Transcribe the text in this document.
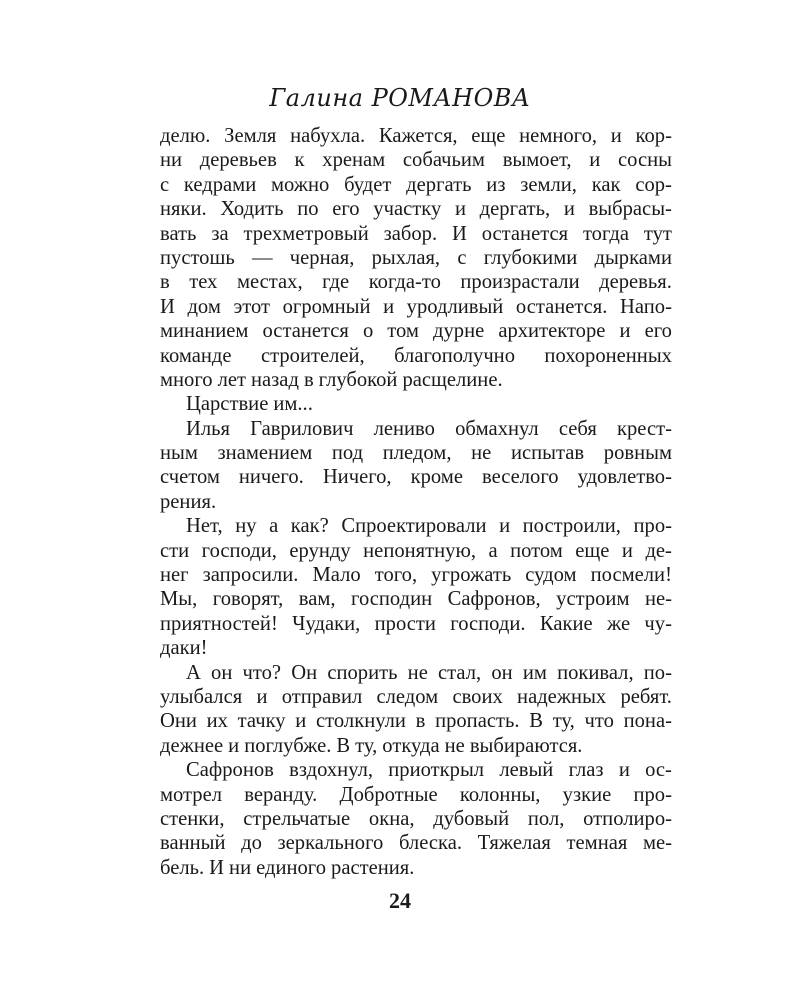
Галина РОМАНОВА
делю. Земля набухла. Кажется, еще немного, и кор-
ни деревьев к хренам собачьим вымоет, и сосны
с кедрами можно будет дергать из земли, как сор-
няки. Ходить по его участку и дергать, и выбрасы-
вать за трехметровый забор. И останется тогда тут
пустошь — черная, рыхлая, с глубокими дырками
в тех местах, где когда-то произрастали деревья.
И дом этот огромный и уродливый останется. Напо-
минанием останется о том дурне архитекторе и его
команде строителей, благополучно похороненных
много лет назад в глубокой расщелине.
Царствие им...
Илья Гаврилович лениво обмахнул себя крест-
ным знамением под пледом, не испытав ровным
счетом ничего. Ничего, кроме веселого удовлетво-
рения.
Нет, ну а как? Спроектировали и построили, про-
сти господи, ерунду непонятную, а потом еще и де-
нег запросили. Мало того, угрожать судом посмели!
Мы, говорят, вам, господин Сафронов, устроим не-
приятностей! Чудаки, прости господи. Какие же чу-
даки!
А он что? Он спорить не стал, он им покивал, по-
улыбался и отправил следом своих надежных ребят.
Они их тачку и столкнули в пропасть. В ту, что пона-
дежнее и поглубже. В ту, откуда не выбираются.
Сафронов вздохнул, приоткрыл левый глаз и ос-
мотрел веранду. Добротные колонны, узкие про-
стенки, стрельчатые окна, дубовый пол, отполиро-
ванный до зеркального блеска. Тяжелая темная ме-
бель. И ни единого растения.
24
